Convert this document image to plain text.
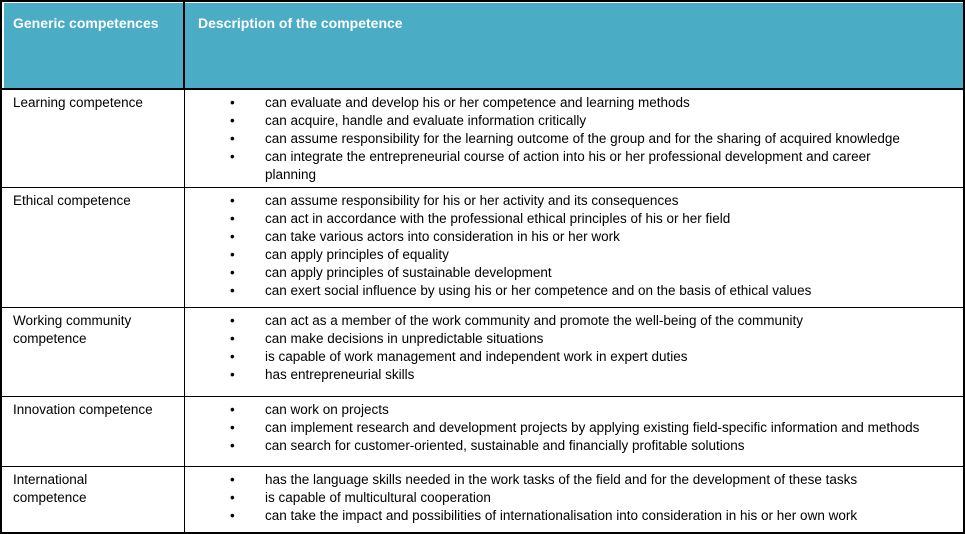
Generic competences	Description of the competence
Learning competence	•	can evaluate and develop his or her competence and learning methods
•	can acquire, handle and evaluate information critically
•	can assume responsibility for the learning outcome of the group and for the sharing of acquired knowledge
•	can integrate the entrepreneurial course of action into his or her professional development and career planning
Ethical competence	•	can assume responsibility for his or her activity and its consequences
•	can act in accordance with the professional ethical principles of his or her field
•	can take various actors into consideration in his or her work
•	can apply principles of equality
•	can apply principles of sustainable development
•	can exert social influence by using his or her competence and on the basis of ethical values
Working community competence
•	can act as a member of the work community and promote the well-being of the community
•	can make decisions in unpredictable situations
•	is capable of work management and independent work in expert duties
•	has entrepreneurial skills
Innovation competence	•	can work on projects
•	can implement research and development projects by applying existing field-specific information and methods
•	can search for customer-oriented, sustainable and financially profitable solutions
International competence
•	has the language skills needed in the work tasks of the field and for the development of these tasks
•	is capable of multicultural cooperation
•	can take the impact and possibilities of internationalisation into consideration in his or her own work
